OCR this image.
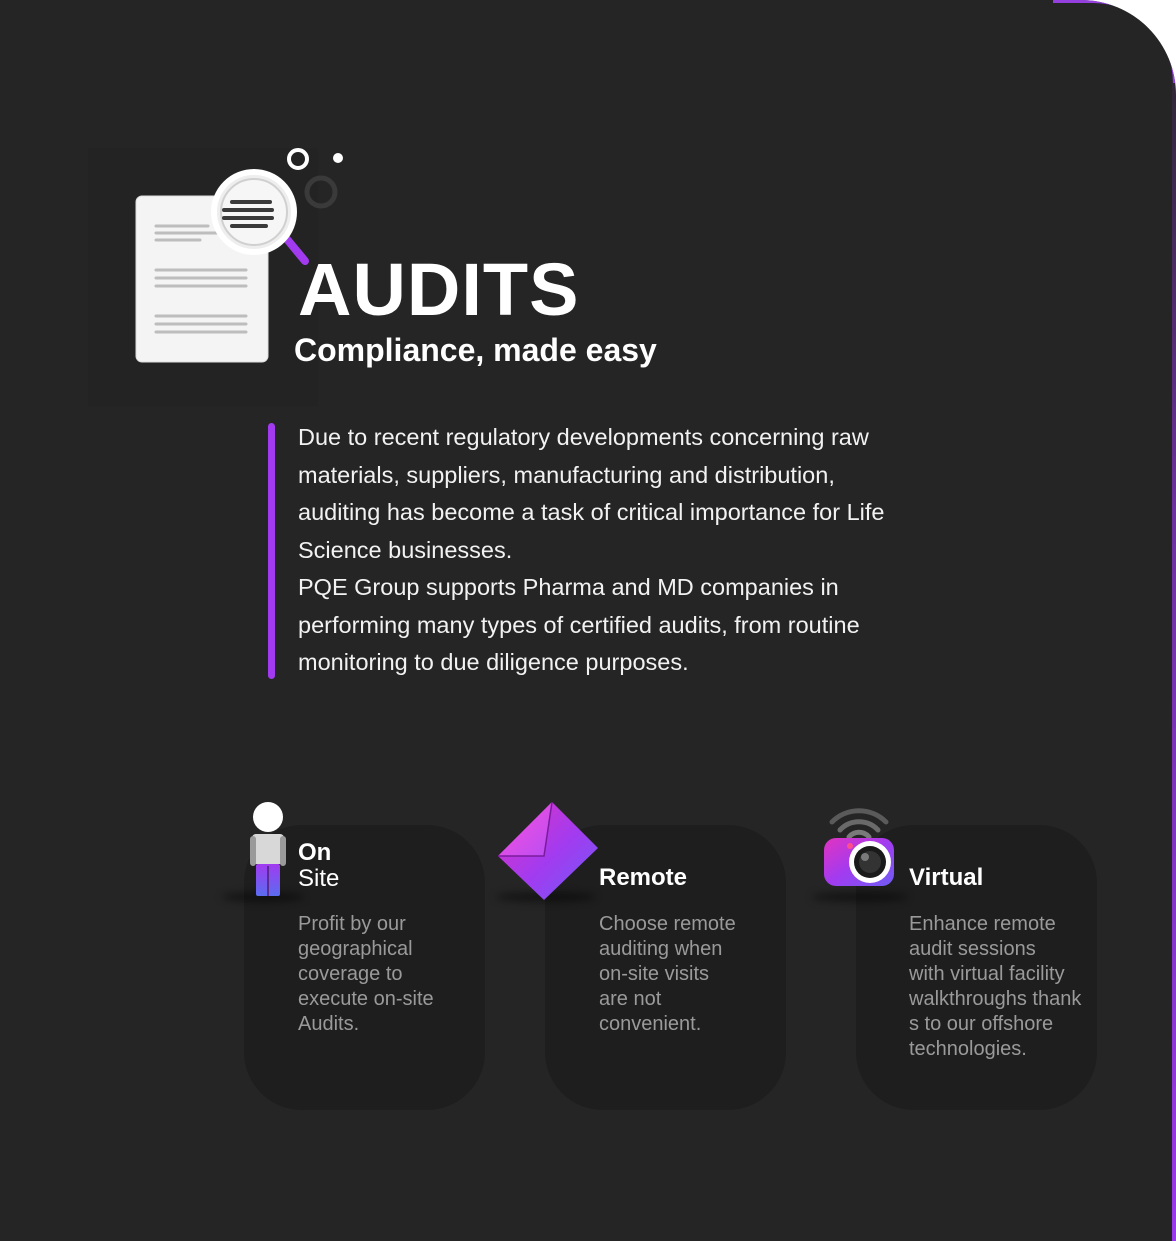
AUDITS
Compliance, made easy

Due to recent regulatory developments concerning raw materials, suppliers, manufacturing and distribution, auditing has become a task of critical importance for Life Science businesses.

PQE Group supports Pharma and MD companies in performing many types of certified audits, from routine monitoring to due diligence purposes.

On
Site
Profit by our
geographical
coverage to
execute on-site
Audits.
Remote
Choose remote
auditing when
on-site visits
are not
convenient.
Virtual
Enhance remote
audit sessions
with virtual facility
walkthroughs thank
s to our offshore
technologies.
